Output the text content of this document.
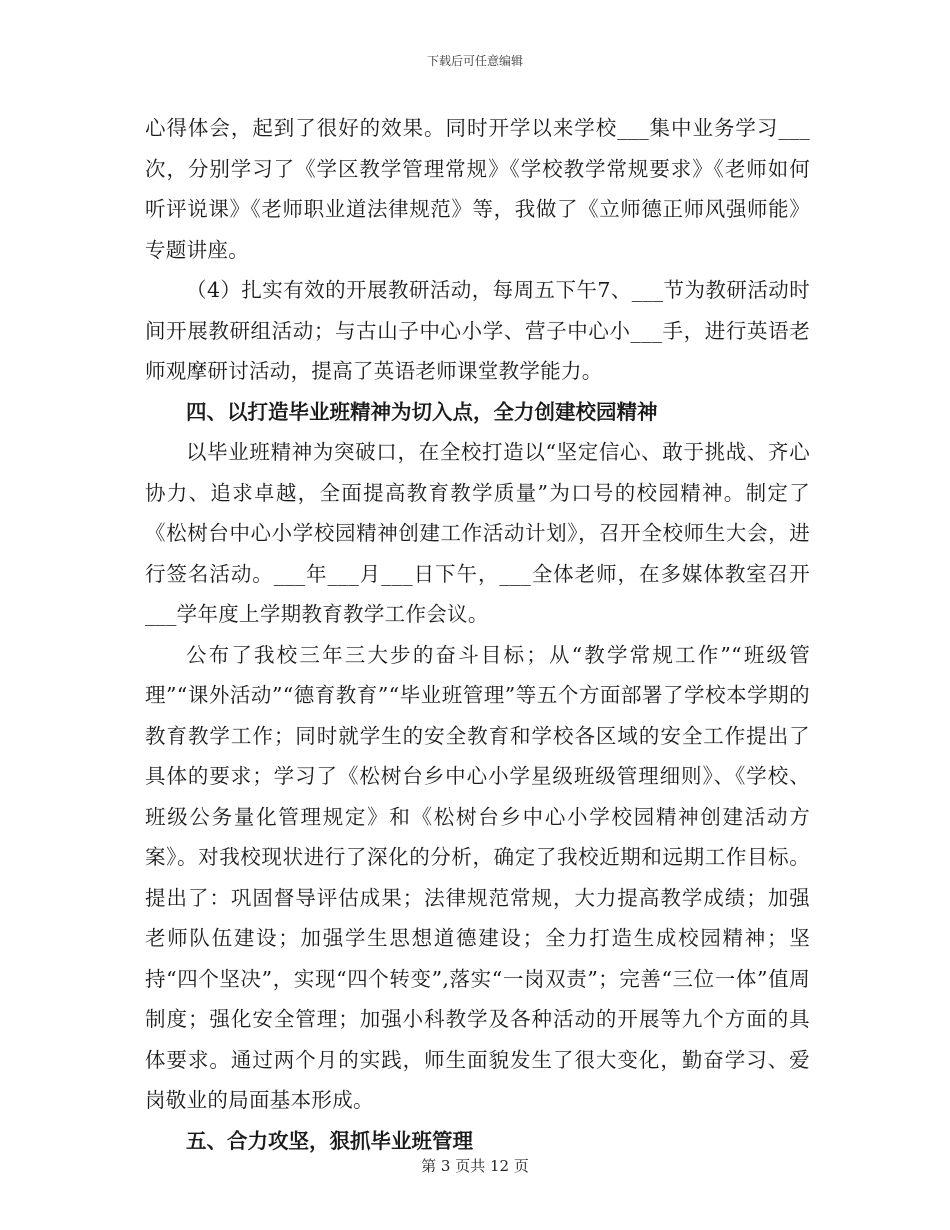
下载后可任意编辑

心得体会，起到了很好的效果。同时开学以来学校___集中业务学习___次，分别学习了《学区教学管理常规》《学校教学常规要求》《老师如何听评说课》《老师职业道法律规范》等，我做了《立师德正师风强师能》专题讲座。

（4）扎实有效的开展教研活动，每周五下午7、___节为教研活动时间开展教研组活动；与古山子中心小学、营子中心小___手，进行英语老师观摩研讨活动，提高了英语老师课堂教学能力。

四、以打造毕业班精神为切入点，全力创建校园精神

以毕业班精神为突破口，在全校打造以“坚定信心、敢于挑战、齐心协力、追求卓越，全面提高教育教学质量”为口号的校园精神。制定了《松树台中心小学校园精神创建工作活动计划》，召开全校师生大会，进行签名活动。___年___月___日下午，___全体老师，在多媒体教室召开___学年度上学期教育教学工作会议。

公布了我校三年三大步的奋斗目标；从“教学常规工作”“班级管理”“课外活动”“德育教育”“毕业班管理”等五个方面部署了学校本学期的教育教学工作；同时就学生的安全教育和学校各区域的安全工作提出了具体的要求；学习了《松树台乡中心小学星级班级管理细则》、《学校、班级公务量化管理规定》和《松树台乡中心小学校园精神创建活动方案》。对我校现状进行了深化的分析，确定了我校近期和远期工作目标。提出了：巩固督导评估成果；法律规范常规，大力提高教学成绩；加强老师队伍建设；加强学生思想道德建设；全力打造生成校园精神；坚持“四个坚决”，实现“四个转变”,落实“一岗双责”；完善“三位一体”值周制度；强化安全管理；加强小科教学及各种活动的开展等九个方面的具体要求。通过两个月的实践，师生面貌发生了很大变化，勤奋学习、爱岗敬业的局面基本形成。

五、合力攻坚，狠抓毕业班管理

第 3 页共 12 页
